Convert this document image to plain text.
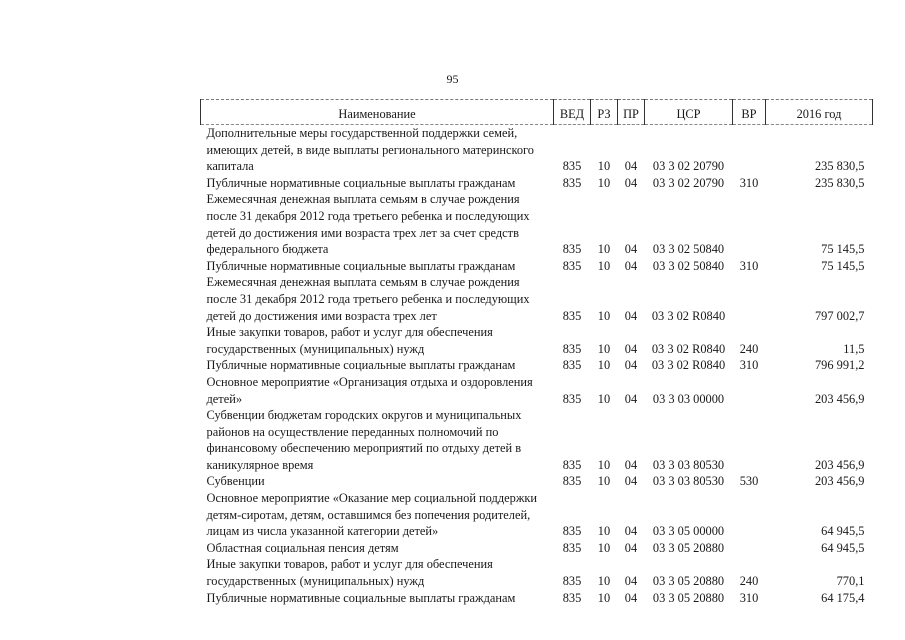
95
Наименование	ВЕД	РЗ	ПР	ЦСР	ВР	2016 год
Дополнительные меры государственной поддержки семей, имеющих детей, в виде выплаты регионального материнского капитала	835	10	04	03 3 02 20790		235 830,5
Публичные нормативные социальные выплаты гражданам	835	10	04	03 3 02 20790	310	235 830,5
Ежемесячная денежная выплата семьям в случае рождения после 31 декабря 2012 года третьего ребенка и последующих детей до достижения ими возраста трех лет за счет средств федерального бюджета	835	10	04	03 3 02 50840		75 145,5
Публичные нормативные социальные выплаты гражданам	835	10	04	03 3 02 50840	310	75 145,5
Ежемесячная денежная выплата семьям в случае рождения после 31 декабря 2012 года третьего ребенка и последующих детей до достижения ими возраста трех лет	835	10	04	03 3 02 R0840		797 002,7
Иные закупки товаров, работ и услуг для обеспечения государственных (муниципальных) нужд	835	10	04	03 3 02 R0840	240	11,5
Публичные нормативные социальные выплаты гражданам	835	10	04	03 3 02 R0840	310	796 991,2
Основное мероприятие «Организация отдыха и оздоровления детей»	835	10	04	03 3 03 00000		203 456,9
Субвенции бюджетам городских округов и муниципальных районов на осуществление переданных полномочий по финансовому обеспечению мероприятий по отдыху детей в каникулярное время	835	10	04	03 3 03 80530		203 456,9
Субвенции	835	10	04	03 3 03 80530	530	203 456,9
Основное мероприятие «Оказание мер социальной поддержки детям-сиротам, детям, оставшимся без попечения родителей, лицам из числа указанной категории детей»	835	10	04	03 3 05 00000		64 945,5
Областная социальная пенсия детям	835	10	04	03 3 05 20880		64 945,5
Иные закупки товаров, работ и услуг для обеспечения государственных (муниципальных) нужд	835	10	04	03 3 05 20880	240	770,1
Публичные нормативные социальные выплаты гражданам	835	10	04	03 3 05 20880	310	64 175,4
